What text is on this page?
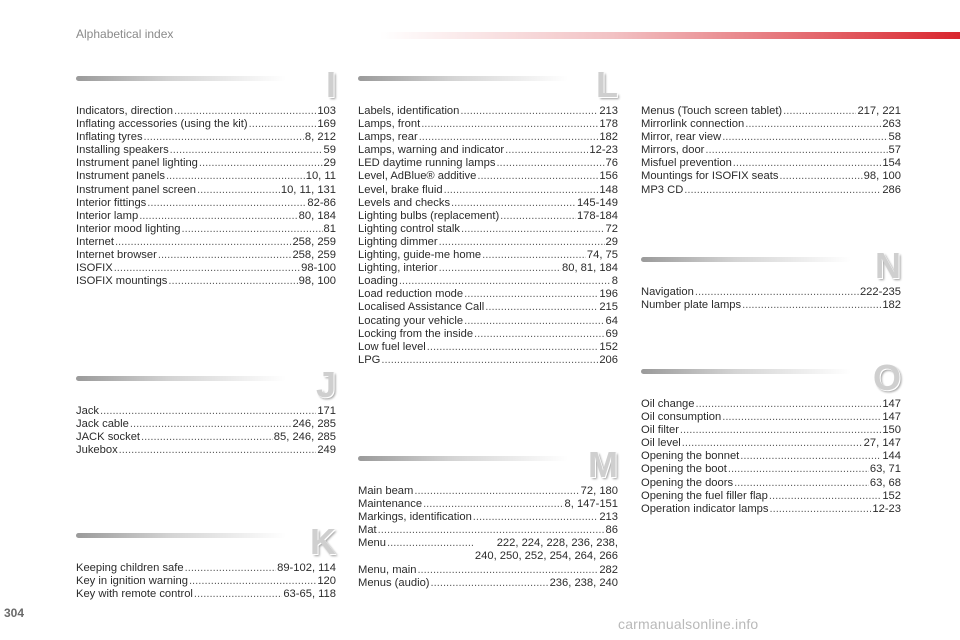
Alphabetical index
I
Indicators, direction .....	103
Inflating accessories (using the kit) .....	169
Inflating tyres .....	8, 212
Installing speakers .....	59
Instrument panel lighting .....	29
Instrument panels .....	10, 11
Instrument panel screen .....	10, 11, 131
Interior fittings .....	82-86
Interior lamp .....	80, 184
Interior mood lighting .....	81
Internet .....	258, 259
Internet browser .....	258, 259
ISOFIX .....	98-100
ISOFIX mountings .....	98, 100
J
Jack .....	171
Jack cable .....	246, 285
JACK socket .....	85, 246, 285
Jukebox .....	249
K
Keeping children safe .....	89-102, 114
Key in ignition warning .....	120
Key with remote control .....	63-65, 118
L
Labels, identification .....	213
Lamps, front .....	178
Lamps, rear .....	182
Lamps, warning and indicator .....	12-23
LED daytime running lamps .....	76
Level, AdBlue® additive .....	156
Level, brake fluid .....	148
Levels and checks .....	145-149
Lighting bulbs (replacement) .....	178-184
Lighting control stalk .....	72
Lighting dimmer .....	29
Lighting, guide-me home .....	74, 75
Lighting, interior .....	80, 81, 184
Loading .....	8
Load reduction mode .....	196
Localised Assistance Call .....	215
Locating your vehicle .....	64
Locking from the inside .....	69
Low fuel level .....	152
LPG .....	206
M
Main beam .....	72, 180
Maintenance .....	8, 147-151
Markings, identification .....	213
Mat .....	86
Menu .....	222, 224, 228, 236, 238,
240, 250, 252, 254, 264, 266
Menu, main .....	282
Menus (audio) .....	236, 238, 240
Menus (Touch screen tablet) .....	217, 221
Mirrorlink connection .....	263
Mirror, rear view .....	58
Mirrors, door .....	57
Misfuel prevention .....	154
Mountings for ISOFIX seats .....	98, 100
MP3 CD .....	286
N
Navigation .....	222-235
Number plate lamps .....	182
O
Oil change .....	147
Oil consumption .....	147
Oil filter .....	150
Oil level .....	27, 147
Opening the bonnet .....	144
Opening the boot .....	63, 71
Opening the doors .....	63, 68
Opening the fuel filler flap .....	152
Operation indicator lamps .....	12-23
304
carmanualsonline.info
